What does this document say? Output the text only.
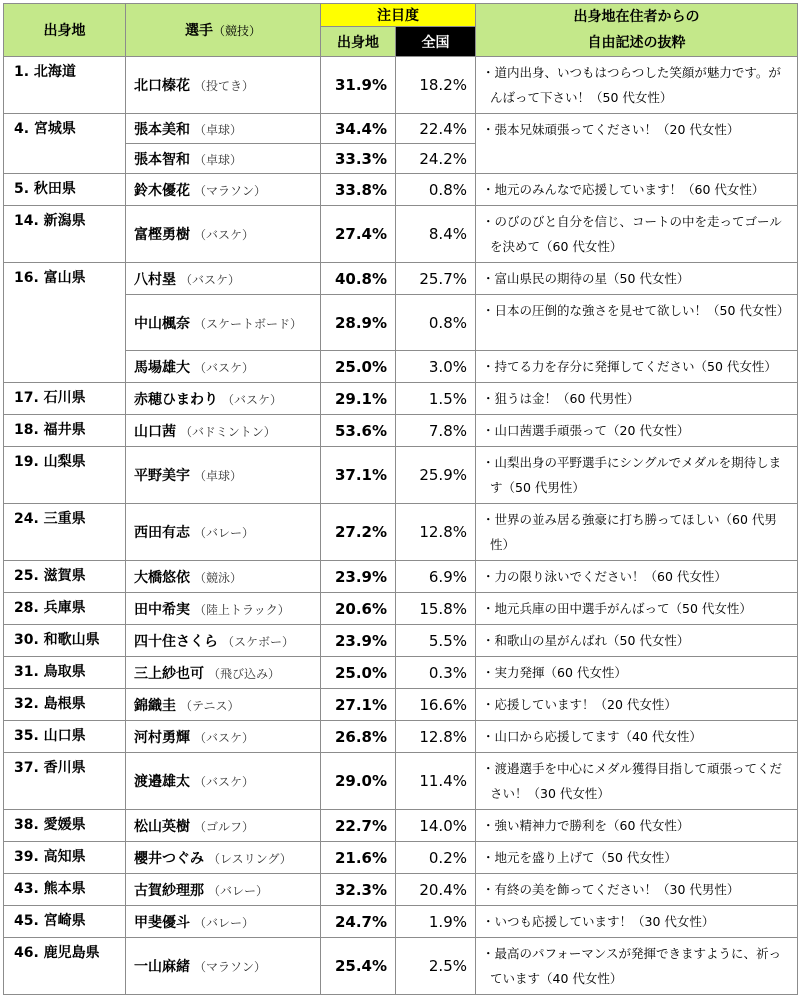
出身地	選手（競技）	注目度		出身地在住者からの
自由記述の抜粋
		出身地	全国	
1. 北海道	北口榛花 （投てき）	31.9%	18.2%	・道内出身、いつもはつらつした笑顔が魅力です。がんばって下さい！（50 代女性）

4. 宮城県	張本美和 （卓球）	34.4%	22.4%	・張本兄妹頑張ってください！（20 代女性）

	張本智和 （卓球）	33.3%	24.2%	
5. 秋田県	鈴木優花 （マラソン）	33.8%	0.8%	・地元のみんなで応援しています！（60 代女性）

14. 新潟県	富樫勇樹 （バスケ）	27.4%	8.4%	・のびのびと自分を信じ、コートの中を走ってゴールを決めて（60 代女性）

16. 富山県	八村塁 （バスケ）	40.8%	25.7%	・富山県民の期待の星（50 代女性）

	中山楓奈 （スケートボード）	28.9%	0.8%	・日本の圧倒的な強さを見せて欲しい！（50 代女性）

	馬場雄大 （バスケ）	25.0%	3.0%	・持てる力を存分に発揮してください（50 代女性）

17. 石川県	赤穂ひまわり （バスケ）	29.1%	1.5%	・狙うは金！（60 代男性）

18. 福井県	山口茜 （バドミントン）	53.6%	7.8%	・山口茜選手頑張って（20 代女性）

19. 山梨県	平野美宇 （卓球）	37.1%	25.9%	・山梨出身の平野選手にシングルでメダルを期待します（50 代男性）

24. 三重県	西田有志 （バレー）	27.2%	12.8%	・世界の並み居る強豪に打ち勝ってほしい（60 代男性）

25. 滋賀県	大橋悠依 （競泳）	23.9%	6.9%	・力の限り泳いでください！（60 代女性）

28. 兵庫県	田中希実 （陸上トラック）	20.6%	15.8%	・地元兵庫の田中選手がんばって（50 代女性）

30. 和歌山県	四十住さくら （スケボー）	23.9%	5.5%	・和歌山の星がんばれ（50 代女性）

31. 鳥取県	三上紗也可 （飛び込み）	25.0%	0.3%	・実力発揮（60 代女性）

32. 島根県	錦織圭 （テニス）	27.1%	16.6%	・応援しています！（20 代女性）

35. 山口県	河村勇輝 （バスケ）	26.8%	12.8%	・山口から応援してます（40 代女性）

37. 香川県	渡邉雄太 （バスケ）	29.0%	11.4%	・渡邉選手を中心にメダル獲得目指して頑張ってください！（30 代女性）

38. 愛媛県	松山英樹 （ゴルフ）	22.7%	14.0%	・強い精神力で勝利を（60 代女性）

39. 高知県	櫻井つぐみ （レスリング）	21.6%	0.2%	・地元を盛り上げて（50 代女性）

43. 熊本県	古賀紗理那 （バレー）	32.3%	20.4%	・有終の美を飾ってください！（30 代男性）

45. 宮崎県	甲斐優斗 （バレー）	24.7%	1.9%	・いつも応援しています！（30 代女性）

46. 鹿児島県	一山麻緒 （マラソン）	25.4%	2.5%	・最高のパフォーマンスが発揮できますように、祈っています（40 代女性）
